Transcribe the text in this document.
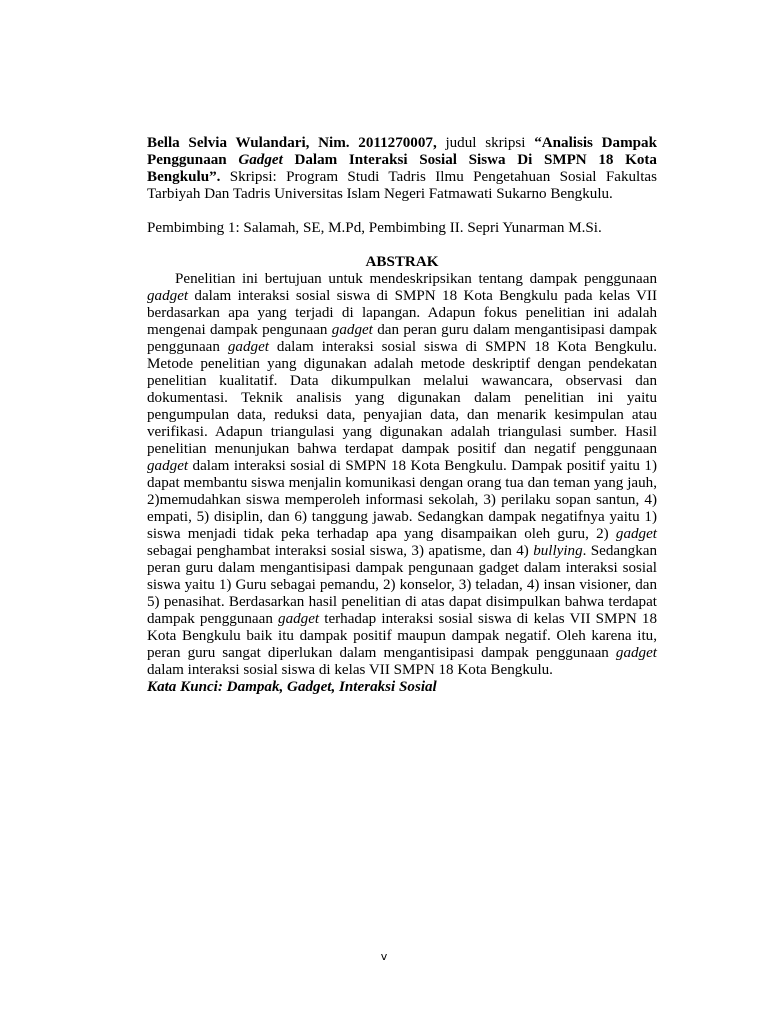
Bella Selvia Wulandari, Nim. 2011270007, judul skripsi “Analisis Dampak Penggunaan Gadget Dalam Interaksi Sosial Siswa Di SMPN 18 Kota Bengkulu”. Skripsi: Program Studi Tadris Ilmu Pengetahuan Sosial Fakultas Tarbiyah Dan Tadris Universitas Islam Negeri Fatmawati Sukarno Bengkulu.

Pembimbing 1: Salamah, SE, M.Pd, Pembimbing II. Sepri Yunarman M.Si.

ABSTRAK

Penelitian ini bertujuan untuk mendeskripsikan tentang dampak penggunaan gadget dalam interaksi sosial siswa di SMPN 18 Kota Bengkulu pada kelas VII berdasarkan apa yang terjadi di lapangan. Adapun fokus penelitian ini adalah mengenai dampak pengunaan gadget dan peran guru dalam mengantisipasi dampak penggunaan gadget dalam interaksi sosial siswa di SMPN 18 Kota Bengkulu. Metode penelitian yang digunakan adalah metode deskriptif dengan pendekatan penelitian kualitatif. Data dikumpulkan melalui wawancara, observasi dan dokumentasi. Teknik analisis yang digunakan dalam penelitian ini yaitu pengumpulan data, reduksi data, penyajian data, dan menarik kesimpulan atau verifikasi. Adapun triangulasi yang digunakan adalah triangulasi sumber. Hasil penelitian menunjukan bahwa terdapat dampak positif dan negatif penggunaan gadget dalam interaksi sosial di SMPN 18 Kota Bengkulu. Dampak positif yaitu 1) dapat membantu siswa menjalin komunikasi dengan orang tua dan teman yang jauh, 2)memudahkan siswa memperoleh informasi sekolah, 3) perilaku sopan santun, 4) empati, 5) disiplin, dan 6) tanggung jawab. Sedangkan dampak negatifnya yaitu 1) siswa menjadi tidak peka terhadap apa yang disampaikan oleh guru, 2) gadget sebagai penghambat interaksi sosial siswa, 3) apatisme, dan 4) bullying. Sedangkan peran guru dalam mengantisipasi dampak pengunaan gadget dalam interaksi sosial siswa yaitu 1) Guru sebagai pemandu, 2) konselor, 3) teladan, 4) insan visioner, dan 5) penasihat. Berdasarkan hasil penelitian di atas dapat disimpulkan bahwa terdapat dampak penggunaan gadget terhadap interaksi sosial siswa di kelas VII SMPN 18 Kota Bengkulu baik itu dampak positif maupun dampak negatif. Oleh karena itu, peran guru sangat diperlukan dalam mengantisipasi dampak penggunaan gadget dalam interaksi sosial siswa di kelas VII SMPN 18 Kota Bengkulu.

Kata Kunci: Dampak, Gadget, Interaksi Sosial

v
